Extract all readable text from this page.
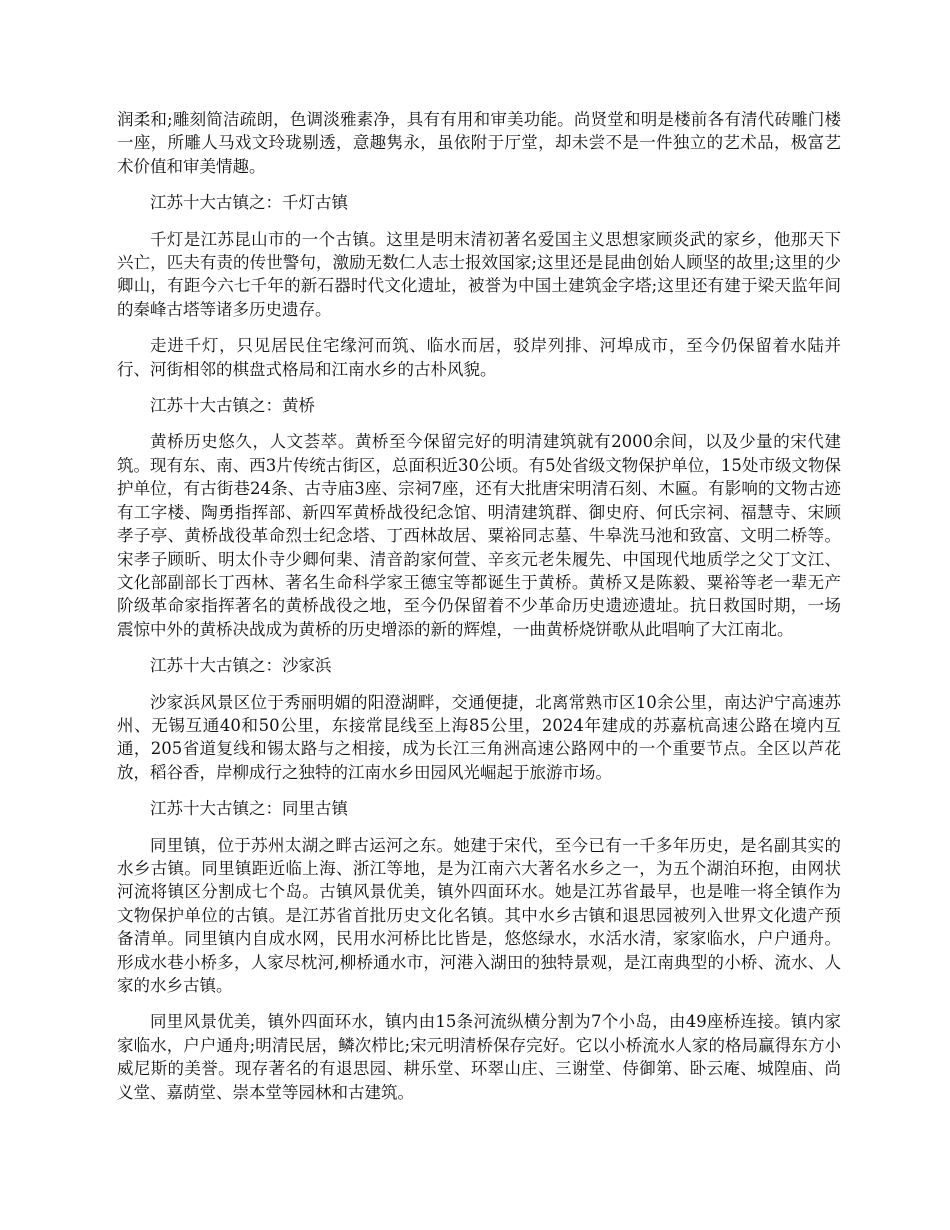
润柔和;雕刻简洁疏朗，色调淡雅素净，具有有用和审美功能。尚贤堂和明是楼前各有清代砖雕门楼一座，所雕人马戏文玲珑剔透，意趣隽永，虽依附于厅堂，却未尝不是一件独立的艺术品，极富艺术价值和审美情趣。

江苏十大古镇之：千灯古镇

千灯是江苏昆山市的一个古镇。这里是明末清初著名爱国主义思想家顾炎武的家乡，他那天下兴亡，匹夫有责的传世警句，激励无数仁人志士报效国家;这里还是昆曲创始人顾坚的故里;这里的少卿山，有距今六七千年的新石器时代文化遗址，被誉为中国土建筑金字塔;这里还有建于梁天监年间的秦峰古塔等诸多历史遗存。

走进千灯，只见居民住宅缘河而筑、临水而居，驳岸列排、河埠成市，至今仍保留着水陆并行、河街相邻的棋盘式格局和江南水乡的古朴风貌。

江苏十大古镇之：黄桥

黄桥历史悠久，人文荟萃。黄桥至今保留完好的明清建筑就有2000余间，以及少量的宋代建筑。现有东、南、西3片传统古街区，总面积近30公顷。有5处省级文物保护单位，15处市级文物保护单位，有古街巷24条、古寺庙3座、宗祠7座，还有大批唐宋明清石刻、木匾。有影响的文物古迹有工字楼、陶勇指挥部、新四军黄桥战役纪念馆、明清建筑群、御史府、何氏宗祠、福慧寺、宋顾孝子亭、黄桥战役革命烈士纪念塔、丁西林故居、粟裕同志墓、牛皋洗马池和致富、文明二桥等。宋孝子顾昕、明太仆寺少卿何棐、清音韵家何萱、辛亥元老朱履先、中国现代地质学之父丁文江、文化部副部长丁西林、著名生命科学家王德宝等都诞生于黄桥。黄桥又是陈毅、粟裕等老一辈无产阶级革命家指挥著名的黄桥战役之地，至今仍保留着不少革命历史遗迹遗址。抗日救国时期，一场震惊中外的黄桥决战成为黄桥的历史增添的新的辉煌，一曲黄桥烧饼歌从此唱响了大江南北。

江苏十大古镇之：沙家浜

沙家浜风景区位于秀丽明媚的阳澄湖畔，交通便捷，北离常熟市区10余公里，南达沪宁高速苏州、无锡互通40和50公里，东接常昆线至上海85公里，2024年建成的苏嘉杭高速公路在境内互通，205省道复线和锡太路与之相接，成为长江三角洲高速公路网中的一个重要节点。全区以芦花放，稻谷香，岸柳成行之独特的江南水乡田园风光崛起于旅游市场。

江苏十大古镇之：同里古镇

同里镇，位于苏州太湖之畔古运河之东。她建于宋代，至今已有一千多年历史，是名副其实的水乡古镇。同里镇距近临上海、浙江等地，是为江南六大著名水乡之一，为五个湖泊环抱，由网状河流将镇区分割成七个岛。古镇风景优美，镇外四面环水。她是江苏省最早，也是唯一将全镇作为文物保护单位的古镇。是江苏省首批历史文化名镇。其中水乡古镇和退思园被列入世界文化遗产预备清单。同里镇内自成水网，民用水河桥比比皆是，悠悠绿水，水活水清，家家临水，户户通舟。形成水巷小桥多，人家尽枕河,柳桥通水市，河港入湖田的独特景观，是江南典型的小桥、流水、人家的水乡古镇。

同里风景优美，镇外四面环水，镇内由15条河流纵横分割为7个小岛，由49座桥连接。镇内家家临水，户户通舟;明清民居，鳞次栉比;宋元明清桥保存完好。它以小桥流水人家的格局赢得东方小威尼斯的美誉。现存著名的有退思园、耕乐堂、环翠山庄、三谢堂、侍御第、卧云庵、城隍庙、尚义堂、嘉荫堂、崇本堂等园林和古建筑。
